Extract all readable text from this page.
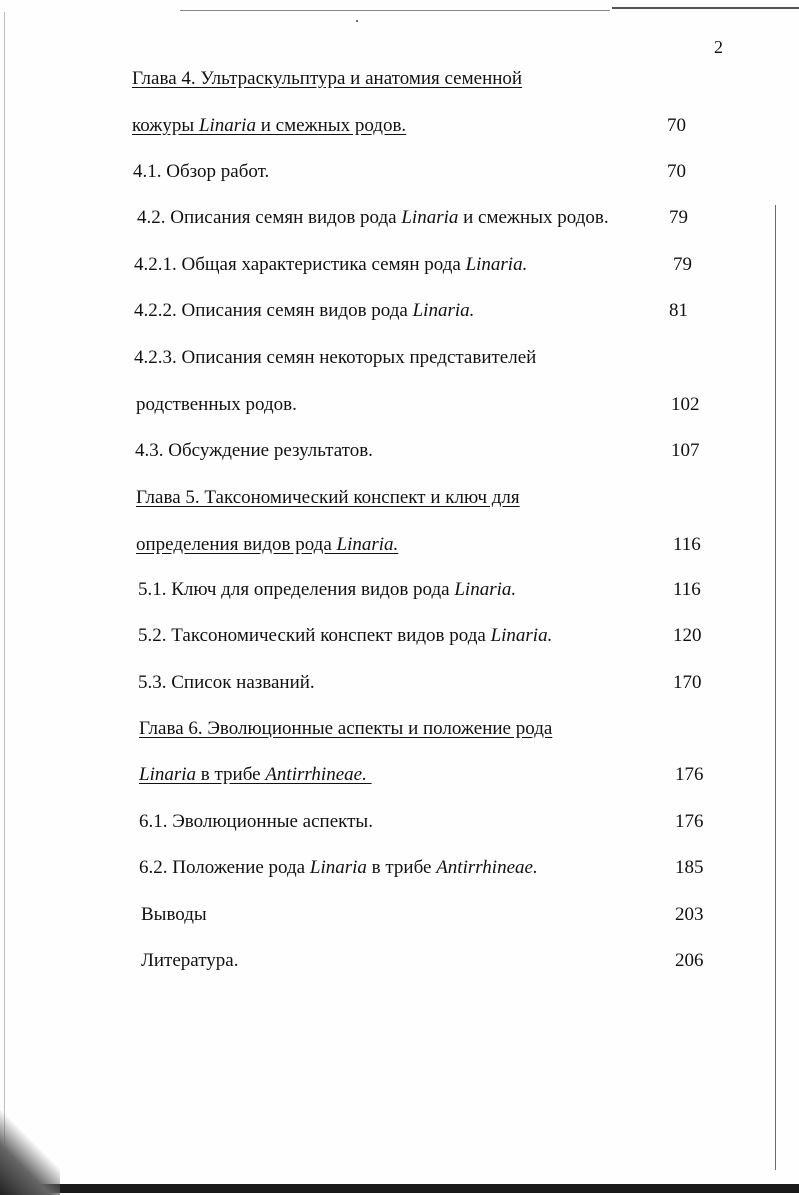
2
Глава 4. Ультраскульптура и анатомия семенной
кожуры Linaria и смежных родов.	70
4.1. Обзор работ.	70
4.2. Описания семян видов рода Linaria и смежных родов.	79
4.2.1. Общая характеристика семян рода Linaria.	79
4.2.2. Описания семян видов рода Linaria.	81
4.2.3. Описания семян некоторых представителей
родственных родов.	102
4.3. Обсуждение результатов.	107
Глава 5. Таксономический конспект и ключ для
определения видов рода Linaria.	116
5.1. Ключ для определения видов рода Linaria.	116
5.2. Таксономический конспект видов рода Linaria.	120
5.3. Список названий.	170
Глава 6. Эволюционные аспекты и положение рода
Linaria в трибе Antirrhineae.	176
6.1. Эволюционные аспекты.	176
6.2. Положение рода Linaria в трибе Antirrhineae.	185
Выводы	203
Литература.	206
